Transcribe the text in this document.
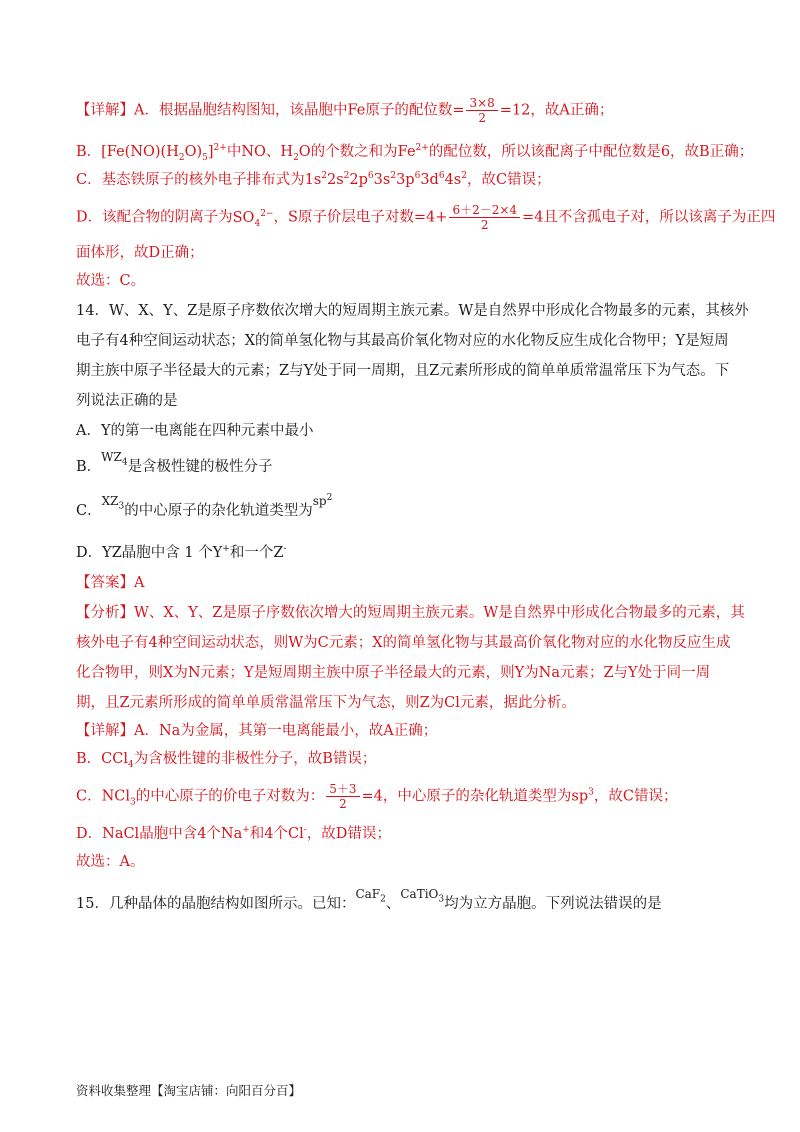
【详解】A．根据晶胞结构图知，该晶胞中Fe原子的配位数= $\frac{3\times 8}{2} =12$，故A正确；

B．$[Fe(NO)(H_2O)_5]^{2+}$中NO、$H_2O$的个数之和为$Fe^{2+}$的配位数，所以该配离子中配位数是6，故B正确；

C．基态铁原子的核外电子排布式为$1s^22s^22p^63s^23p^63d^64s^2$，故C错误；

D．该配合物的阴离子为$SO_4^{2-}$，S原子价层电子对数$=4+ \frac{6+2-2\times 4}{2} =4$且不含孤电子对，所以该离子为正四

面体形，故D正确；

故选：C。

14．W、X、Y、Z是原子序数依次增大的短周期主族元素。W是自然界中形成化合物最多的元素，其核外

电子有4种空间运动状态；X的简单氢化物与其最高价氧化物对应的水化物反应生成化合物甲；Y是短周

期主族中原子半径最大的元素；Z与Y处于同一周期，且Z元素所形成的简单单质常温常压下为气态。下

列说法正确的是

A．Y的第一电离能在四种元素中最小

B．$^{WZ_4}$是含极性键的极性分子

C．$^{XZ_3}$的中心原子的杂化轨道类型为$^{sp^2}$

D．YZ晶胞中含 1 个Y+和一个Z-

【答案】A

【分析】W、X、Y、Z是原子序数依次增大的短周期主族元素。W是自然界中形成化合物最多的元素，其

核外电子有4种空间运动状态，则W为C元素；X的简单氢化物与其最高价氧化物对应的水化物反应生成

化合物甲，则X为N元素；Y是短周期主族中原子半径最大的元素，则Y为Na元素；Z与Y处于同一周

期，且Z元素所形成的简单单质常温常压下为气态，则Z为Cl元素，据此分析。

【详解】A．Na为金属，其第一电离能最小，故A正确；

B．CCl$_4$为含极性键的非极性分子，故B错误；

C．NCl$_3$的中心原子的价电子对数为： $\frac{5+3}{2} =4$，中心原子的杂化轨道类型为$sp^3$，故C错误；

D．NaCl晶胞中含4个Na+和4个Cl-，故D错误；

故选：A。

15．几种晶体的晶胞结构如图所示。已知：$^{CaF_2}$、$^{CaTiO_3}$均为立方晶胞。下列说法错误的是

资料收集整理【淘宝店铺：向阳百分百】
